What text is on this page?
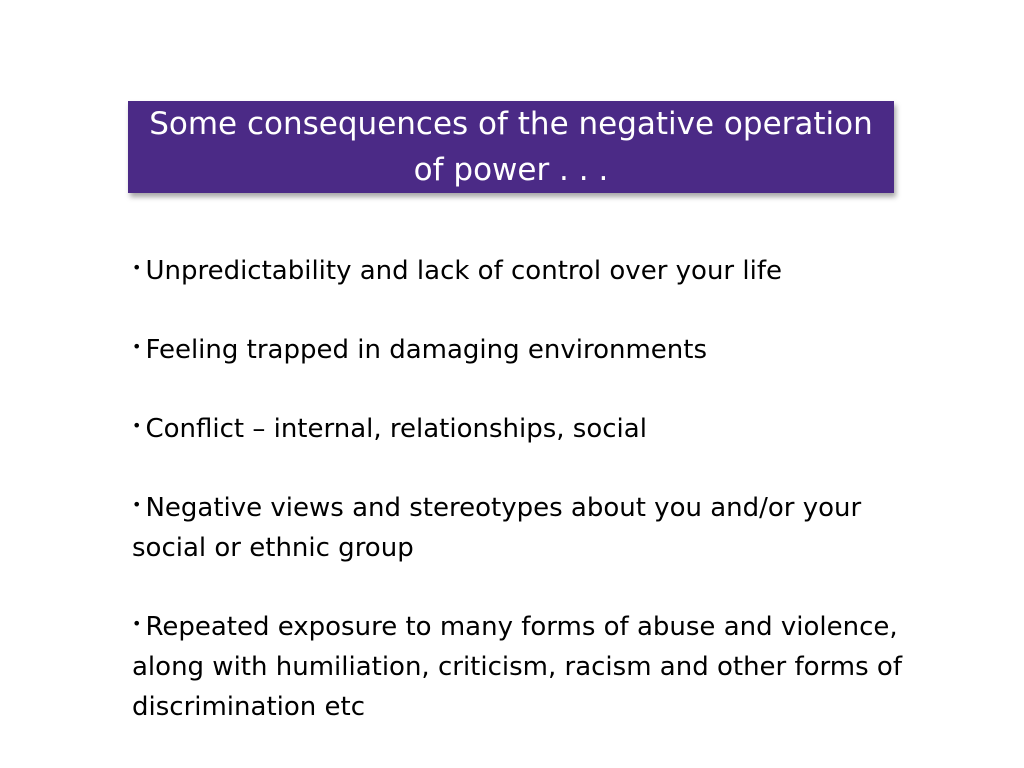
Some consequences of the negative operation of power . . .
• Unpredictability and lack of control over your life
• Feeling trapped in damaging environments
• Conflict – internal, relationships, social
• Negative views and stereotypes about you and/or your social or ethnic group
• Repeated exposure to many forms of abuse and violence, along with humiliation, criticism, racism and other forms of discrimination etc
